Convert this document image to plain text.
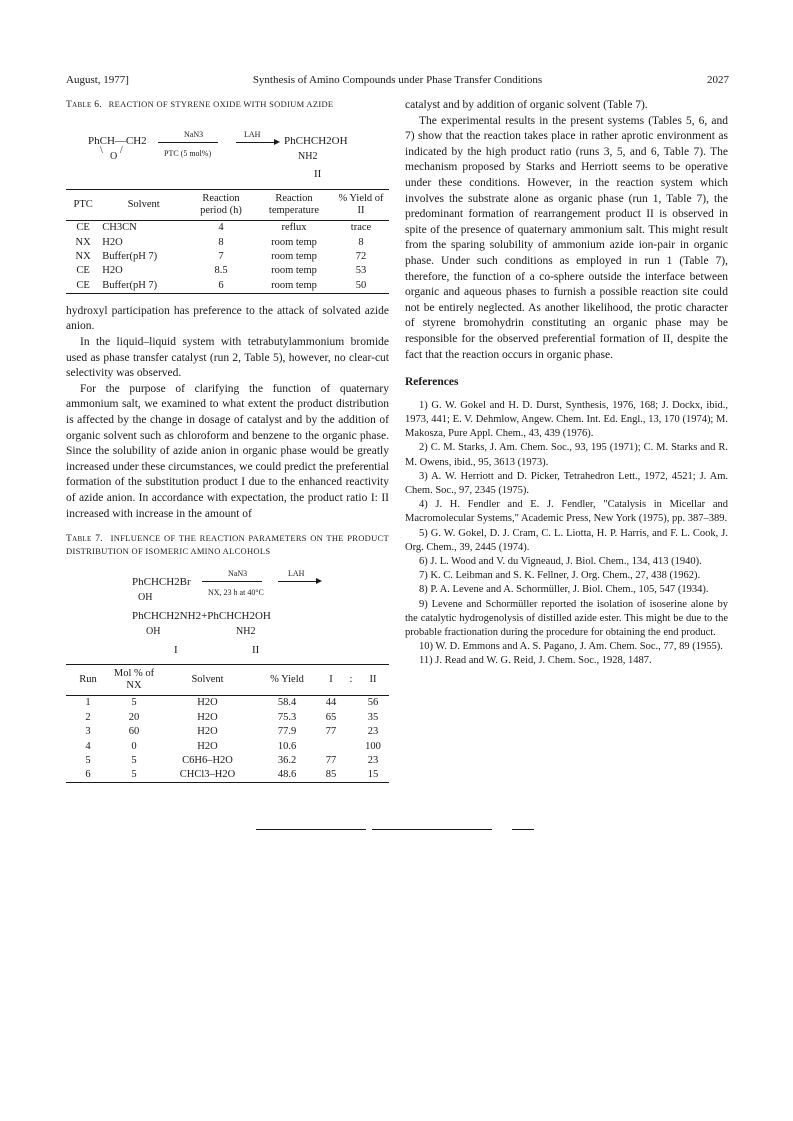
August, 1977]	Synthesis of Amino Compounds under Phase Transfer Conditions	2027
Table 6. REACTION OF STYRENE OXIDE WITH SODIUM AZIDE
PhCH—CH2
O
\ /
NaN3
PTC (5 mol%)
LAH
PhCHCH2OH
NH2
II
PTC	Solvent	Reaction period (h)	Reaction temperature	% Yield of II
CE	CH3CN	4	reflux	trace
NX	H2O	8	room temp	8
NX	Buffer(pH 7)	7	room temp	72
CE	H2O	8.5	room temp	53
CE	Buffer(pH 7)	6	room temp	50

hydroxyl participation has preference to the attack of solvated azide anion.

In the liquid–liquid system with tetrabutylammonium bromide used as phase transfer catalyst (run 2, Table 5), however, no clear-cut selectivity was observed.

For the purpose of clarifying the function of quaternary ammonium salt, we examined to what extent the product distribution is affected by the change in dosage of catalyst and by the addition of organic solvent such as chloroform and benzene to the organic phase. Since the solubility of azide anion in organic phase would be greatly increased under these circumstances, we could predict the preferential formation of the substitution product I due to the enhanced reactivity of azide anion. In accordance with expectation, the product ratio I: II increased with increase in the amount of

Table 7. INFLUENCE OF THE REACTION PARAMETERS ON THE PRODUCT DISTRIBUTION OF ISOMERIC AMINO ALCOHOLS
PhCHCH2Br
OH
NaN3
NX, 23 h at 40°C
LAH
PhCHCH2NH2+PhCHCH2OH
OH	NH2
I	II
Run	Mol % of NX	Solvent	% Yield	I	:	II
1	5	H2O	58.4	44		56
2	20	H2O	75.3	65		35
3	60	H2O	77.9	77		23
4	0	H2O	10.6			100
5	5	C6H6–H2O	36.2	77		23
6	5	CHCl3–H2O	48.6	85		15

catalyst and by addition of organic solvent (Table 7).

The experimental results in the present systems (Tables 5, 6, and 7) show that the reaction takes place in rather aprotic environment as indicated by the high product ratio (runs 3, 5, and 6, Table 7). The mechanism proposed by Starks and Herriott seems to be operative under these conditions. However, in the reaction system which involves the substrate alone as organic phase (run 1, Table 7), the predominant formation of rearrangement product II is observed in spite of the presence of quaternary ammonium salt. This might result from the sparing solubility of ammonium azide ion-pair in organic phase. Under such conditions as employed in run 1 (Table 7), therefore, the function of a co-sphere outside the interface between organic and aqueous phases to furnish a possible reaction site could not be entirely neglected. As another likelihood, the protic character of styrene bromohydrin constituting an organic phase may be responsible for the observed preferential formation of II, despite the fact that the reaction occurs in organic phase.

References

1) G. W. Gokel and H. D. Durst, Synthesis, 1976, 168; J. Dockx, ibid., 1973, 441; E. V. Dehmlow, Angew. Chem. Int. Ed. Engl., 13, 170 (1974); M. Makosza, Pure Appl. Chem., 43, 439 (1976).

2) C. M. Starks, J. Am. Chem. Soc., 93, 195 (1971); C. M. Starks and R. M. Owens, ibid., 95, 3613 (1973).

3) A. W. Herriott and D. Picker, Tetrahedron Lett., 1972, 4521; J. Am. Chem. Soc., 97, 2345 (1975).

4) J. H. Fendler and E. J. Fendler, "Catalysis in Micellar and Macromolecular Systems," Academic Press, New York (1975), pp. 387–389.

5) G. W. Gokel, D. J. Cram, C. L. Liotta, H. P. Harris, and F. L. Cook, J. Org. Chem., 39, 2445 (1974).

6) J. L. Wood and V. du Vigneaud, J. Biol. Chem., 134, 413 (1940).

7) K. C. Leibman and S. K. Fellner, J. Org. Chem., 27, 438 (1962).

8) P. A. Levene and A. Schormüller, J. Biol. Chem., 105, 547 (1934).

9) Levene and Schormüller reported the isolation of isoserine alone by the catalytic hydrogenolysis of distilled azide ester. This might be due to the probable fractionation during the procedure for obtaining the end product.

10) W. D. Emmons and A. S. Pagano, J. Am. Chem. Soc., 77, 89 (1955).

11) J. Read and W. G. Reid, J. Chem. Soc., 1928, 1487.
